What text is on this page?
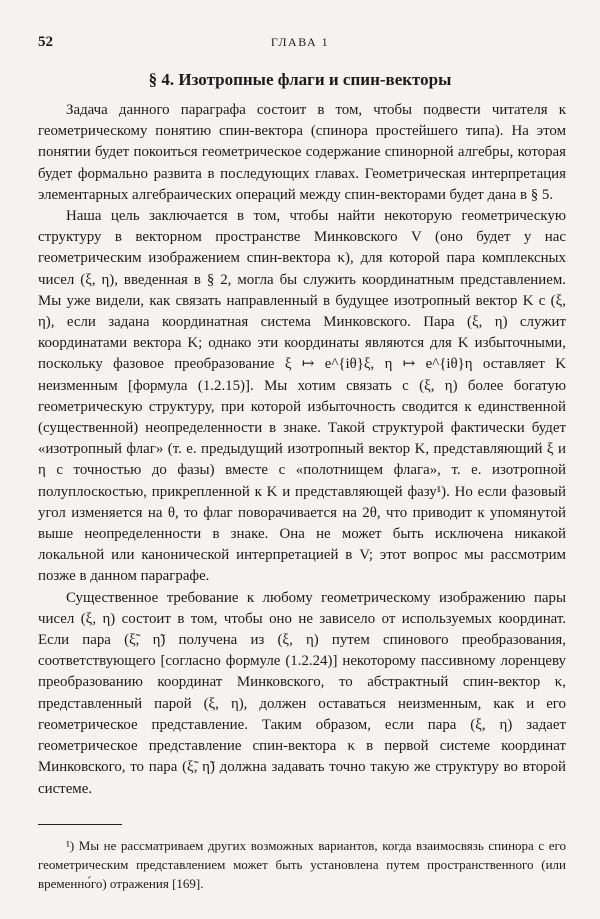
52	ГЛАВА 1
§ 4. Изотропные флаги и спин-векторы

Задача данного параграфа состоит в том, чтобы подвести читателя к геометрическому понятию спин-вектора (спинора простейшего типа). На этом понятии будет покоиться геометрическое содержание спинорной алгебры, которая будет формально развита в последующих главах. Геометрическая интерпретация элементарных алгебраических операций между спин-векторами будет дана в § 5.

Наша цель заключается в том, чтобы найти некоторую геометрическую структуру в векторном пространстве Минковского V (оно будет у нас геометрическим изображением спин-вектора κ), для которой пара комплексных чисел (ξ, η), введенная в § 2, могла бы служить координатным представлением. Мы уже видели, как связать направленный в будущее изотропный вектор K с (ξ, η), если задана координатная система Минковского. Пара (ξ, η) служит координатами вектора K; однако эти координаты являются для K избыточными, поскольку фазовое преобразование ξ ↦ e^{iθ}ξ, η ↦ e^{iθ}η оставляет K неизменным [формула (1.2.15)]. Мы хотим связать с (ξ, η) более богатую геометрическую структуру, при которой избыточность сводится к единственной (существенной) неопределенности в знаке. Такой структурой фактически будет «изотропный флаг» (т. е. предыдущий изотропный вектор K, представляющий ξ и η с точностью до фазы) вместе с «полотнищем флага», т. е. изотропной полуплоскостью, прикрепленной к K и представляющей фазу¹). Но если фазовый угол изменяется на θ, то флаг поворачивается на 2θ, что приводит к упомянутой выше неопределенности в знаке. Она не может быть исключена никакой локальной или канонической интерпретацией в V; этот вопрос мы рассмотрим позже в данном параграфе.

Существенное требование к любому геометрическому изображению пары чисел (ξ, η) состоит в том, чтобы оно не зависело от используемых координат. Если пара (ξ̃, η̃) получена из (ξ, η) путем спинового преобразования, соответствующего [согласно формуле (1.2.24)] некоторому пассивному лоренцеву преобразованию координат Минковского, то абстрактный спин-вектор κ, представленный парой (ξ, η), должен оставаться неизменным, как и его геометрическое представление. Таким образом, если пара (ξ, η) задает геометрическое представление спин-вектора κ в первой системе координат Минковского, то пара (ξ̃, η̃) должна задавать точно такую же структуру во второй системе.

¹) Мы не рассматриваем других возможных вариантов, когда взаимосвязь спинора с его геометрическим представлением может быть установлена путем пространственного (или временно́го) отражения [169].
